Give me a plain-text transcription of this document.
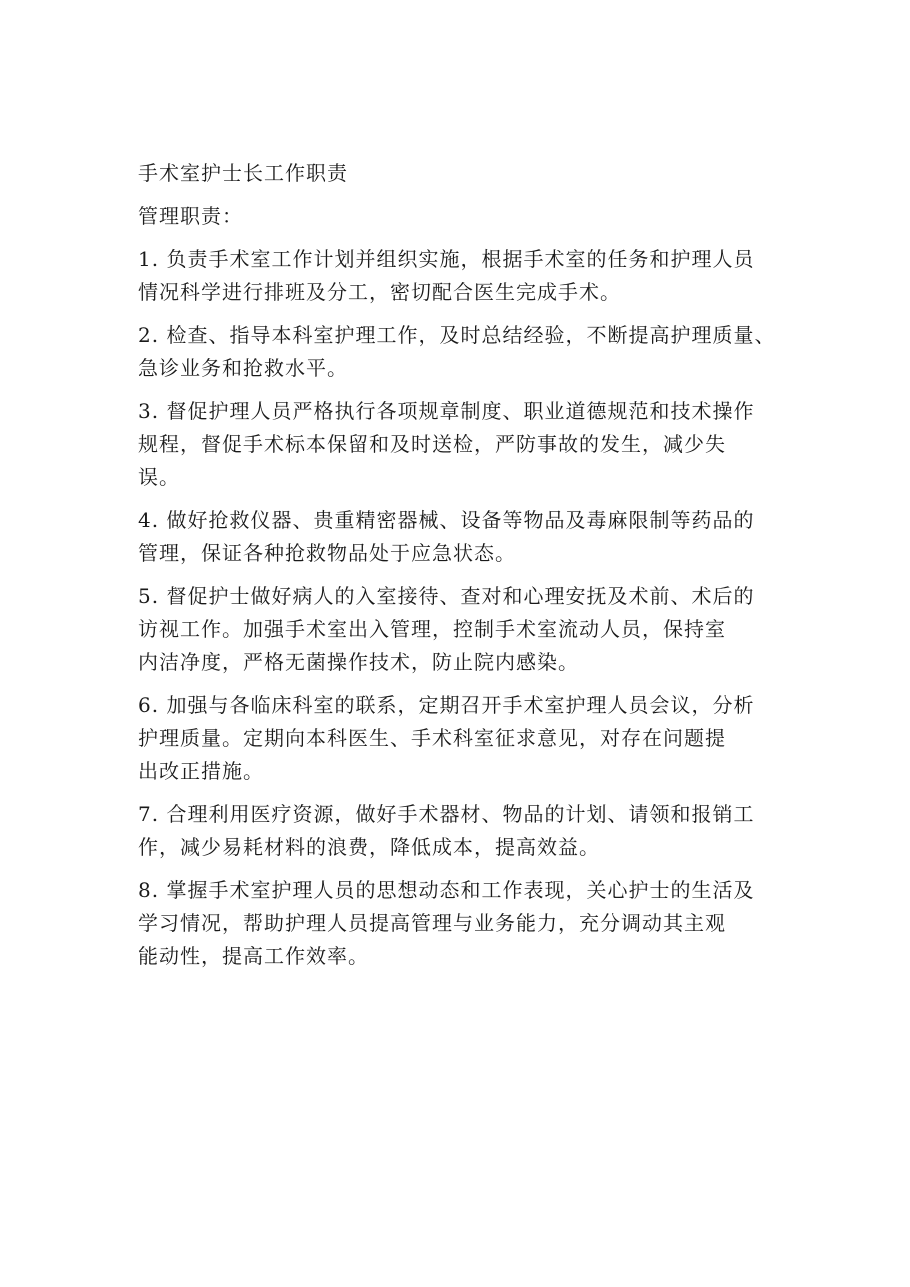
手术室护士长工作职责
管理职责：
1. 负责手术室工作计划并组织实施，根据手术室的任务和护理人员
情况科学进行排班及分工，密切配合医生完成手术。
2. 检查、指导本科室护理工作，及时总结经验，不断提高护理质量、
急诊业务和抢救水平。
3. 督促护理人员严格执行各项规章制度、职业道德规范和技术操作
规程，督促手术标本保留和及时送检，严防事故的发生，减少失
误。
4. 做好抢救仪器、贵重精密器械、设备等物品及毒麻限制等药品的
管理，保证各种抢救物品处于应急状态。
5. 督促护士做好病人的入室接待、查对和心理安抚及术前、术后的
访视工作。加强手术室出入管理，控制手术室流动人员，保持室
内洁净度，严格无菌操作技术，防止院内感染。
6. 加强与各临床科室的联系，定期召开手术室护理人员会议，分析
护理质量。定期向本科医生、手术科室征求意见，对存在问题提
出改正措施。
7. 合理利用医疗资源，做好手术器材、物品的计划、请领和报销工
作，减少易耗材料的浪费，降低成本，提高效益。
8. 掌握手术室护理人员的思想动态和工作表现，关心护士的生活及
学习情况，帮助护理人员提高管理与业务能力，充分调动其主观
能动性，提高工作效率。
